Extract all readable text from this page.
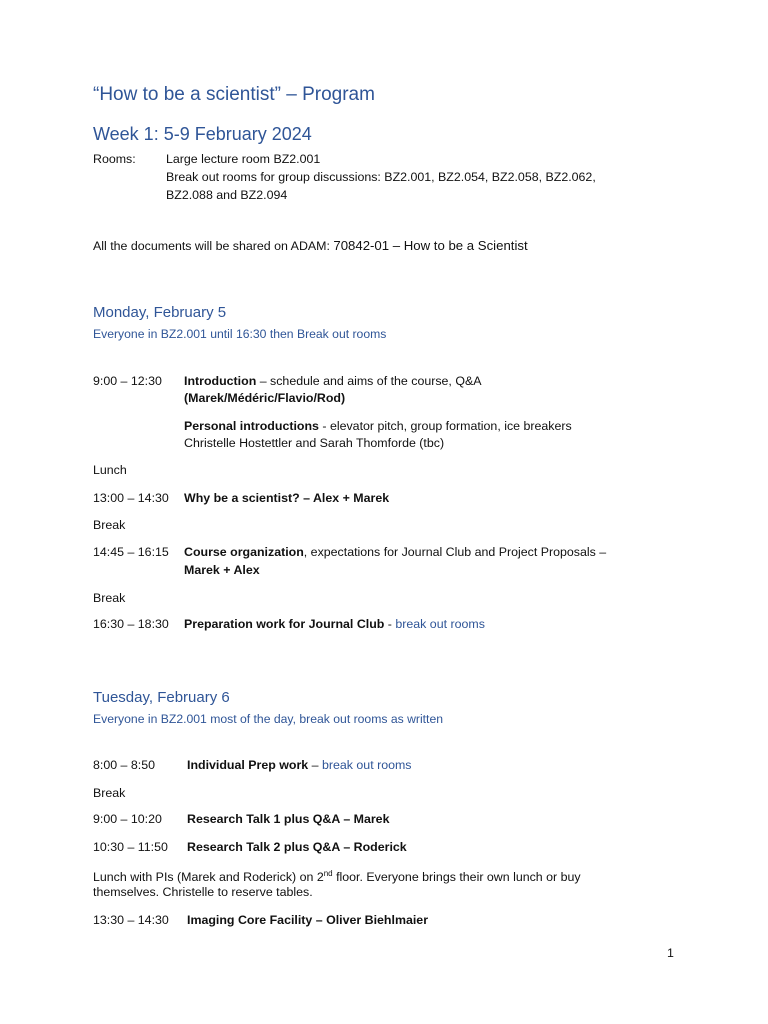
“How to be a scientist” – Program
Week 1: 5-9 February 2024
Rooms: Large lecture room BZ2.001
Break out rooms for group discussions: BZ2.001, BZ2.054, BZ2.058, BZ2.062,
BZ2.088 and BZ2.094
All the documents will be shared on ADAM: 70842-01 – How to be a Scientist
Monday, February 5
Everyone in BZ2.001 until 16:30 then Break out rooms
9:00 – 12:30 Introduction – schedule and aims of the course, Q&A
(Marek/Médéric/Flavio/Rod)
Personal introductions - elevator pitch, group formation, ice breakers
Christelle Hostettler and Sarah Thomforde (tbc)
Lunch
13:00 – 14:30 Why be a scientist? – Alex + Marek
Break
14:45 – 16:15 Course organization, expectations for Journal Club and Project Proposals –
Marek + Alex
Break
16:30 – 18:30 Preparation work for Journal Club - break out rooms
Tuesday, February 6
Everyone in BZ2.001 most of the day, break out rooms as written
8:00 – 8:50	Individual Prep work – break out rooms
Break
9:00 – 10:20 Research Talk 1 plus Q&A – Marek
10:30 – 11:50 Research Talk 2 plus Q&A – Roderick
Lunch with PIs (Marek and Roderick) on 2nd floor. Everyone brings their own lunch or buy
themselves. Christelle to reserve tables.
13:30 – 14:30 Imaging Core Facility – Oliver Biehlmaier
1
